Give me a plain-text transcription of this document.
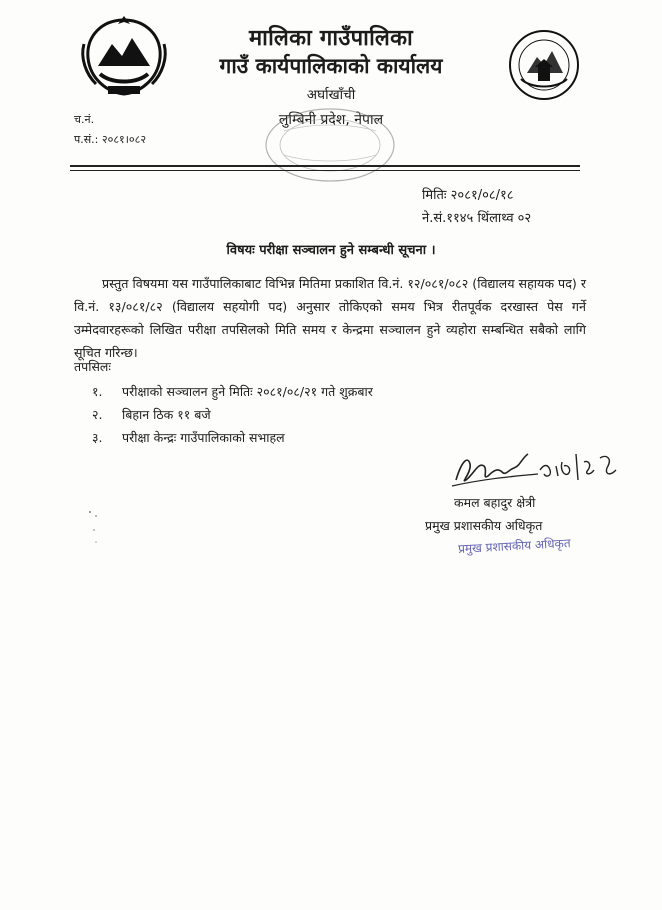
मालिका गाउँपालिका
गाउँ कार्यपालिकाको कार्यालय
अर्घाखाँची
लुम्बिनी प्रदेश, नेपाल
च.नं.
प.सं.: २०८१।०८२
मितिः २०८१/०८/१८
ने.सं.११४५ थिंलाथ्व ०२
विषयः परीक्षा सञ्चालन हुने सम्बन्धी सूचना ।
प्रस्तुत विषयमा यस गाउँपालिकाबाट विभिन्न मितिमा प्रकाशित वि.नं. १२/०८१/०८२ (विद्यालय सहायक पद) र वि.नं. १३/०८१/८२ (विद्यालय सहयोगी पद) अनुसार तोकिएको समय भित्र रीतपूर्वक दरखास्त पेस गर्ने उम्मेदवारहरूको लिखित परीक्षा तपसिलको मिति समय र केन्द्रमा सञ्चालन हुने व्यहोरा सम्बन्धित सबैको लागि सूचित गरिन्छ।
तपसिलः
१. परीक्षाको सञ्चालन हुने मितिः २०८१/०८/२१ गते शुक्रबार
२. बिहान ठिक ११ बजे
३. परीक्षा केन्द्रः गाउँपालिकाको सभाहल
कमल बहादुर क्षेत्री
प्रमुख प्रशासकीय अधिकृत
प्रमुख प्रशासकीय अधिकृत
